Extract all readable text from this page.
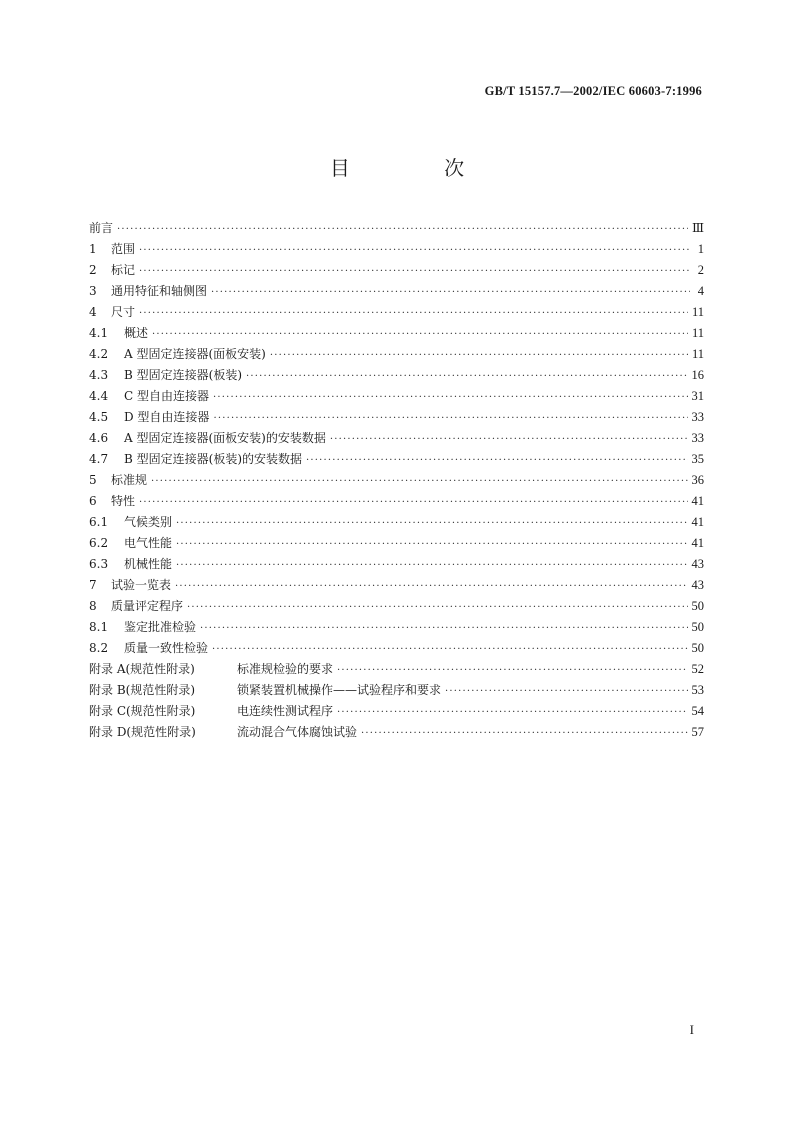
GB/T 15157.7—2002/IEC 60603-7:1996
目 次
前言 ·····	Ⅲ
1	范围 ·····	1
2	标记 ·····	2
3	通用特征和轴侧图 ·····	4
4	尺寸 ·····	11
4.1	概述 ·····	11
4.2	A 型固定连接器(面板安装) ·····	11
4.3	B 型固定连接器(板装) ·····	16
4.4	C 型自由连接器 ·····	31
4.5	D 型自由连接器 ·····	33
4.6	A 型固定连接器(面板安装)的安装数据 ·····	33
4.7	B 型固定连接器(板装)的安装数据 ·····	35
5	标准规 ·····	36
6	特性 ·····	41
6.1	气候类别 ·····	41
6.2	电气性能 ·····	41
6.3	机械性能 ·····	43
7	试验一览表 ·····	43
8	质量评定程序 ·····	50
8.1	鉴定批准检验 ·····	50
8.2	质量一致性检验 ·····	50
附录 A(规范性附录)	标准规检验的要求 ·····	52
附录 B(规范性附录)	锁紧装置机械操作——试验程序和要求 ·····	53
附录 C(规范性附录)	电连续性测试程序 ·····	54
附录 D(规范性附录)	流动混合气体腐蚀试验 ·····	57
I
